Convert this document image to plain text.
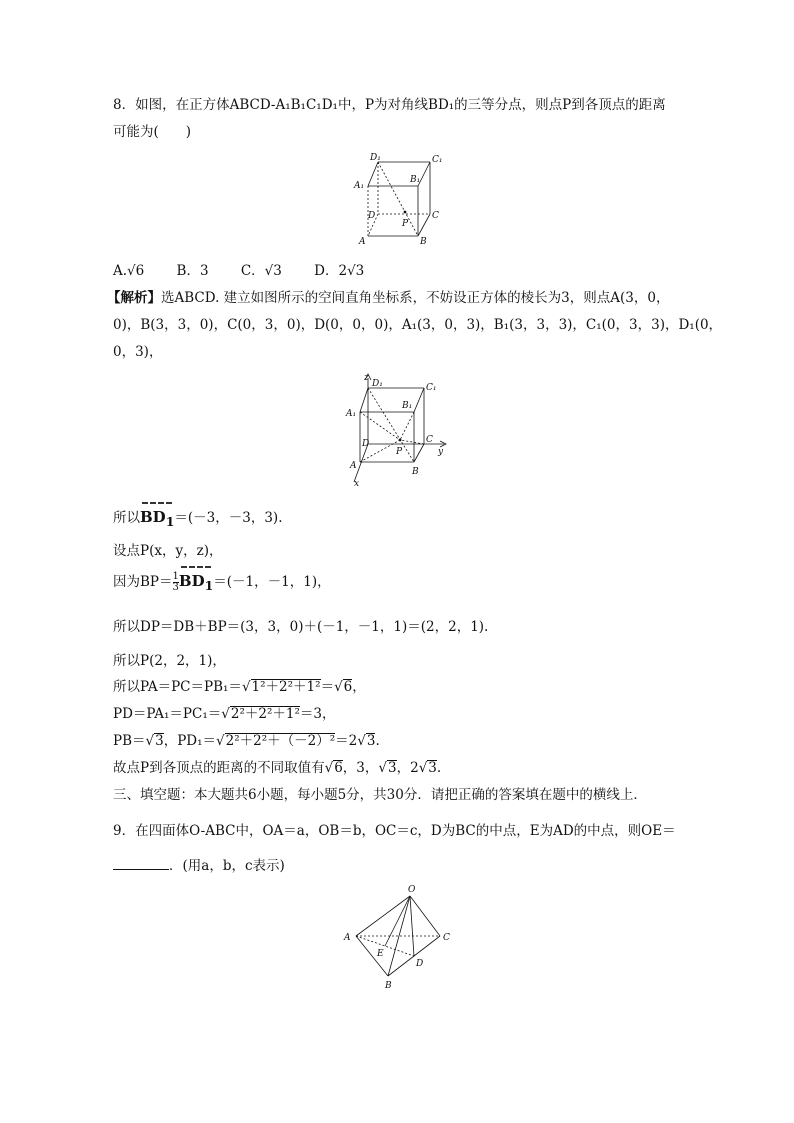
8．如图，在正方体ABCD-A₁B₁C₁D₁中，P为对角线BD₁的三等分点，则点P到各顶点的距离
可能为(　　)
D₁	C₁
A₁
B₁
D	C
P
A	B
A.√6 B．3 C．√3 D．2√3
【解析】选ABCD. 建立如图所示的空间直角坐标系，不妨设正方体的棱长为3，则点A(3，0，
0)，B(3，3，0)，C(0，3，0)，D(0，0，0)，A₁(3，0，3)，B₁(3，3，3)，C₁(0，3，3)，D₁(0，
0，3)，
z
D₁	C₁
A₁
B₁
D	C
y
P
A
B
x
所以$BD_1=(-3$，－3，3).
设点P(x，y，z)，
因为$BP= \frac{1}{3} BD_1=(-1$，－1，1)，
所以DP＝DB＋BP＝(3，3，0)＋(－1，－1，1)＝(2，2，1).
所以P(2，2，1)，
所以PA＝PC＝PB₁＝ √ 1²＋2²＋1²＝ √ 6，
PD＝PA₁＝PC₁＝ √ 2²＋2²＋1²＝3，
PB＝ √ 3，PD₁＝ √ 2²＋2²＋（－2）²＝2 √ 3.
故点P到各顶点的距离的不同取值有 √ 6，3， √ 3，2 √ 3.
三、填空题：本大题共6小题，每小题5分，共30分．请把正确的答案填在题中的横线上．
9．在四面体O-ABC中，OA＝a，OB＝b，OC＝c，D为BC的中点，E为AD的中点，则OE＝
．(用a，b，c表示)
O
A	C
E
D
B
